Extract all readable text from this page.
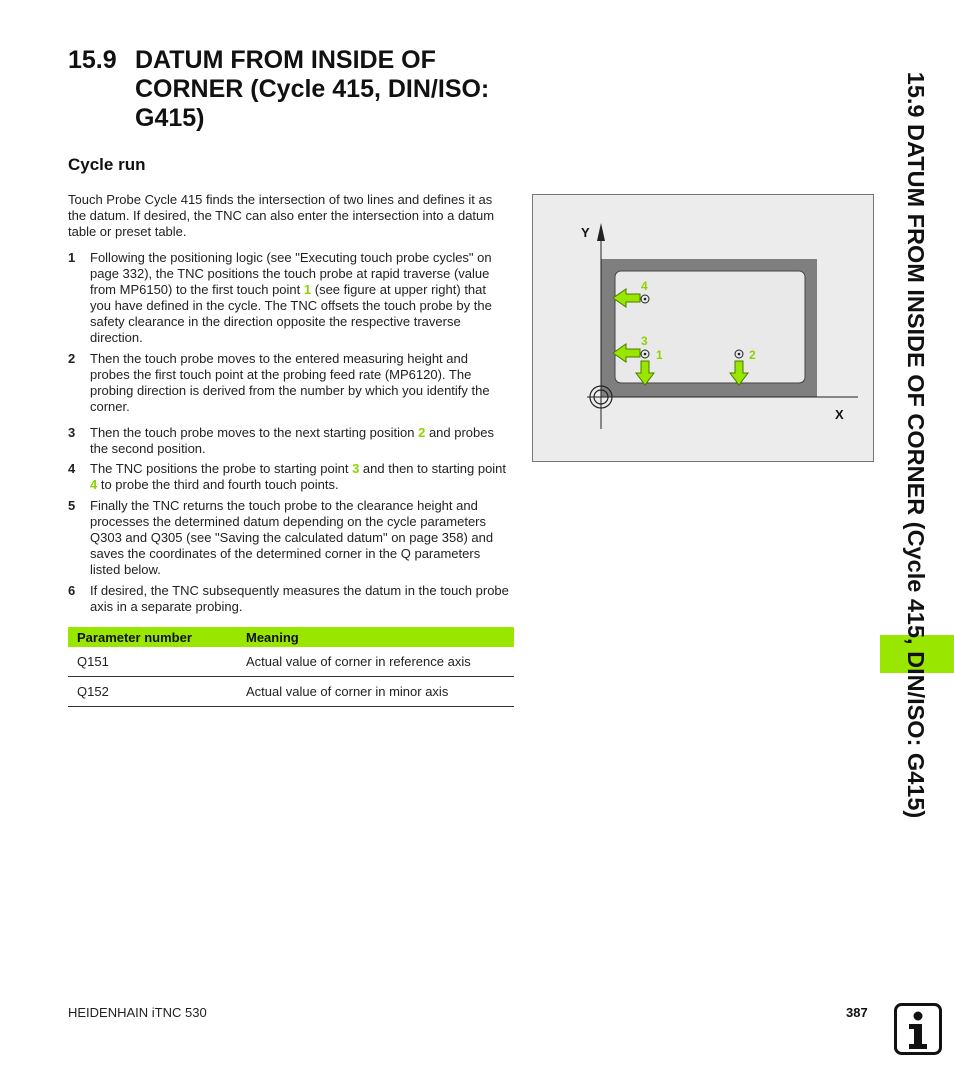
15.9 DATUM FROM INSIDE OF CORNER (Cycle 415, DIN/ISO: G415)
Cycle run
Touch Probe Cycle 415 finds the intersection of two lines and defines it as the datum. If desired, the TNC can also enter the intersection into a datum table or preset table.
1 Following the positioning logic (see "Executing touch probe cycles" on page 332), the TNC positions the touch probe at rapid traverse (value from MP6150) to the first touch point 1 (see figure at upper right) that you have defined in the cycle. The TNC offsets the touch probe by the safety clearance in the direction opposite the respective traverse direction.
2 Then the touch probe moves to the entered measuring height and probes the first touch point at the probing feed rate (MP6120). The probing direction is derived from the number by which you identify the corner.
3 Then the touch probe moves to the next starting position 2 and probes the second position.
4 The TNC positions the probe to starting point 3 and then to starting point 4 to probe the third and fourth touch points.
5 Finally the TNC returns the touch probe to the clearance height and processes the determined datum depending on the cycle parameters Q303 and Q305 (see "Saving the calculated datum" on page 358) and saves the coordinates of the determined corner in the Q parameters listed below.
6 If desired, the TNC subsequently measures the datum in the touch probe axis in a separate probing.
Parameter number	Meaning
Q151	Actual value of corner in reference axis
Q152	Actual value of corner in minor axis
Y
X
4
3
1	2	15.9 DATUM FROM INSIDE OF CORNER (Cycle 415, DIN/ISO: G415)
HEIDENHAIN iTNC 530	387
